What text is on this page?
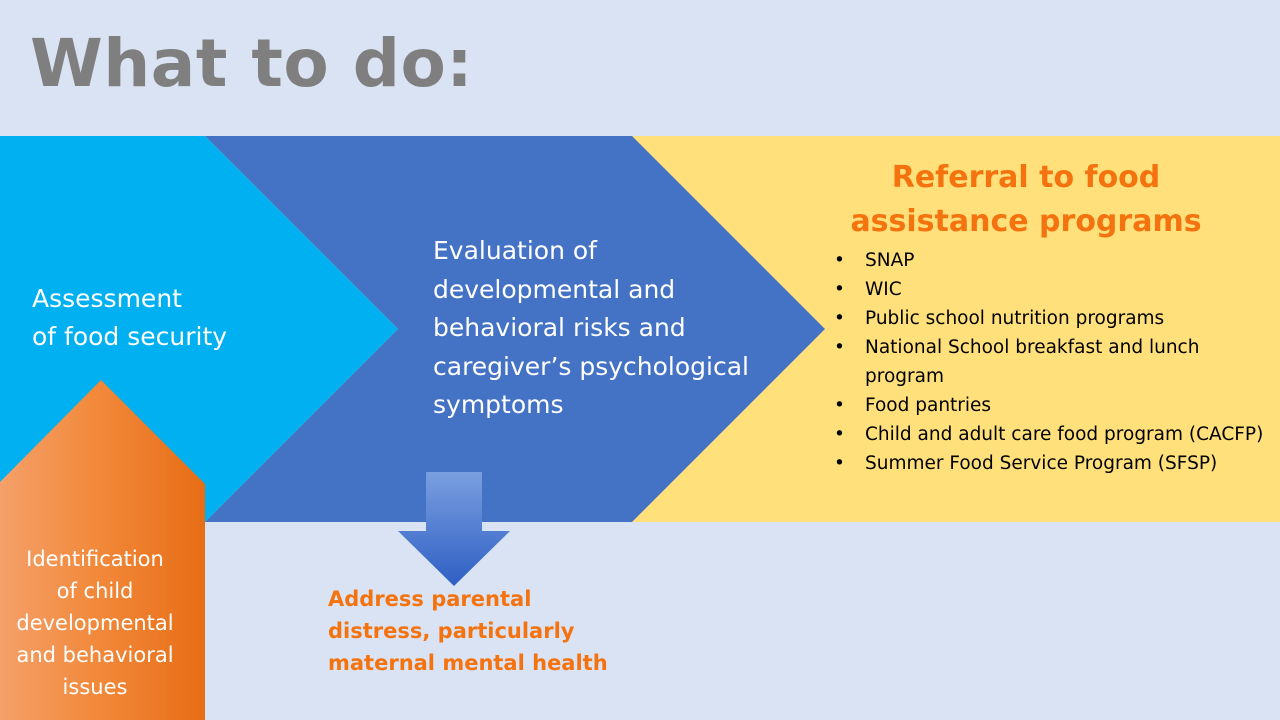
What to do:
Assessment
of food security
Evaluation of
developmental and
behavioral risks and
caregiver’s psychological
symptoms
Identification
of child
developmental
and behavioral
issues
Referral to food
assistance programs
• SNAP
• WIC
• Public school nutrition programs
• National School breakfast and lunch program
• Food pantries
• Child and adult care food program (CACFP)
• Summer Food Service Program (SFSP)
Address parental
distress, particularly
maternal mental health
